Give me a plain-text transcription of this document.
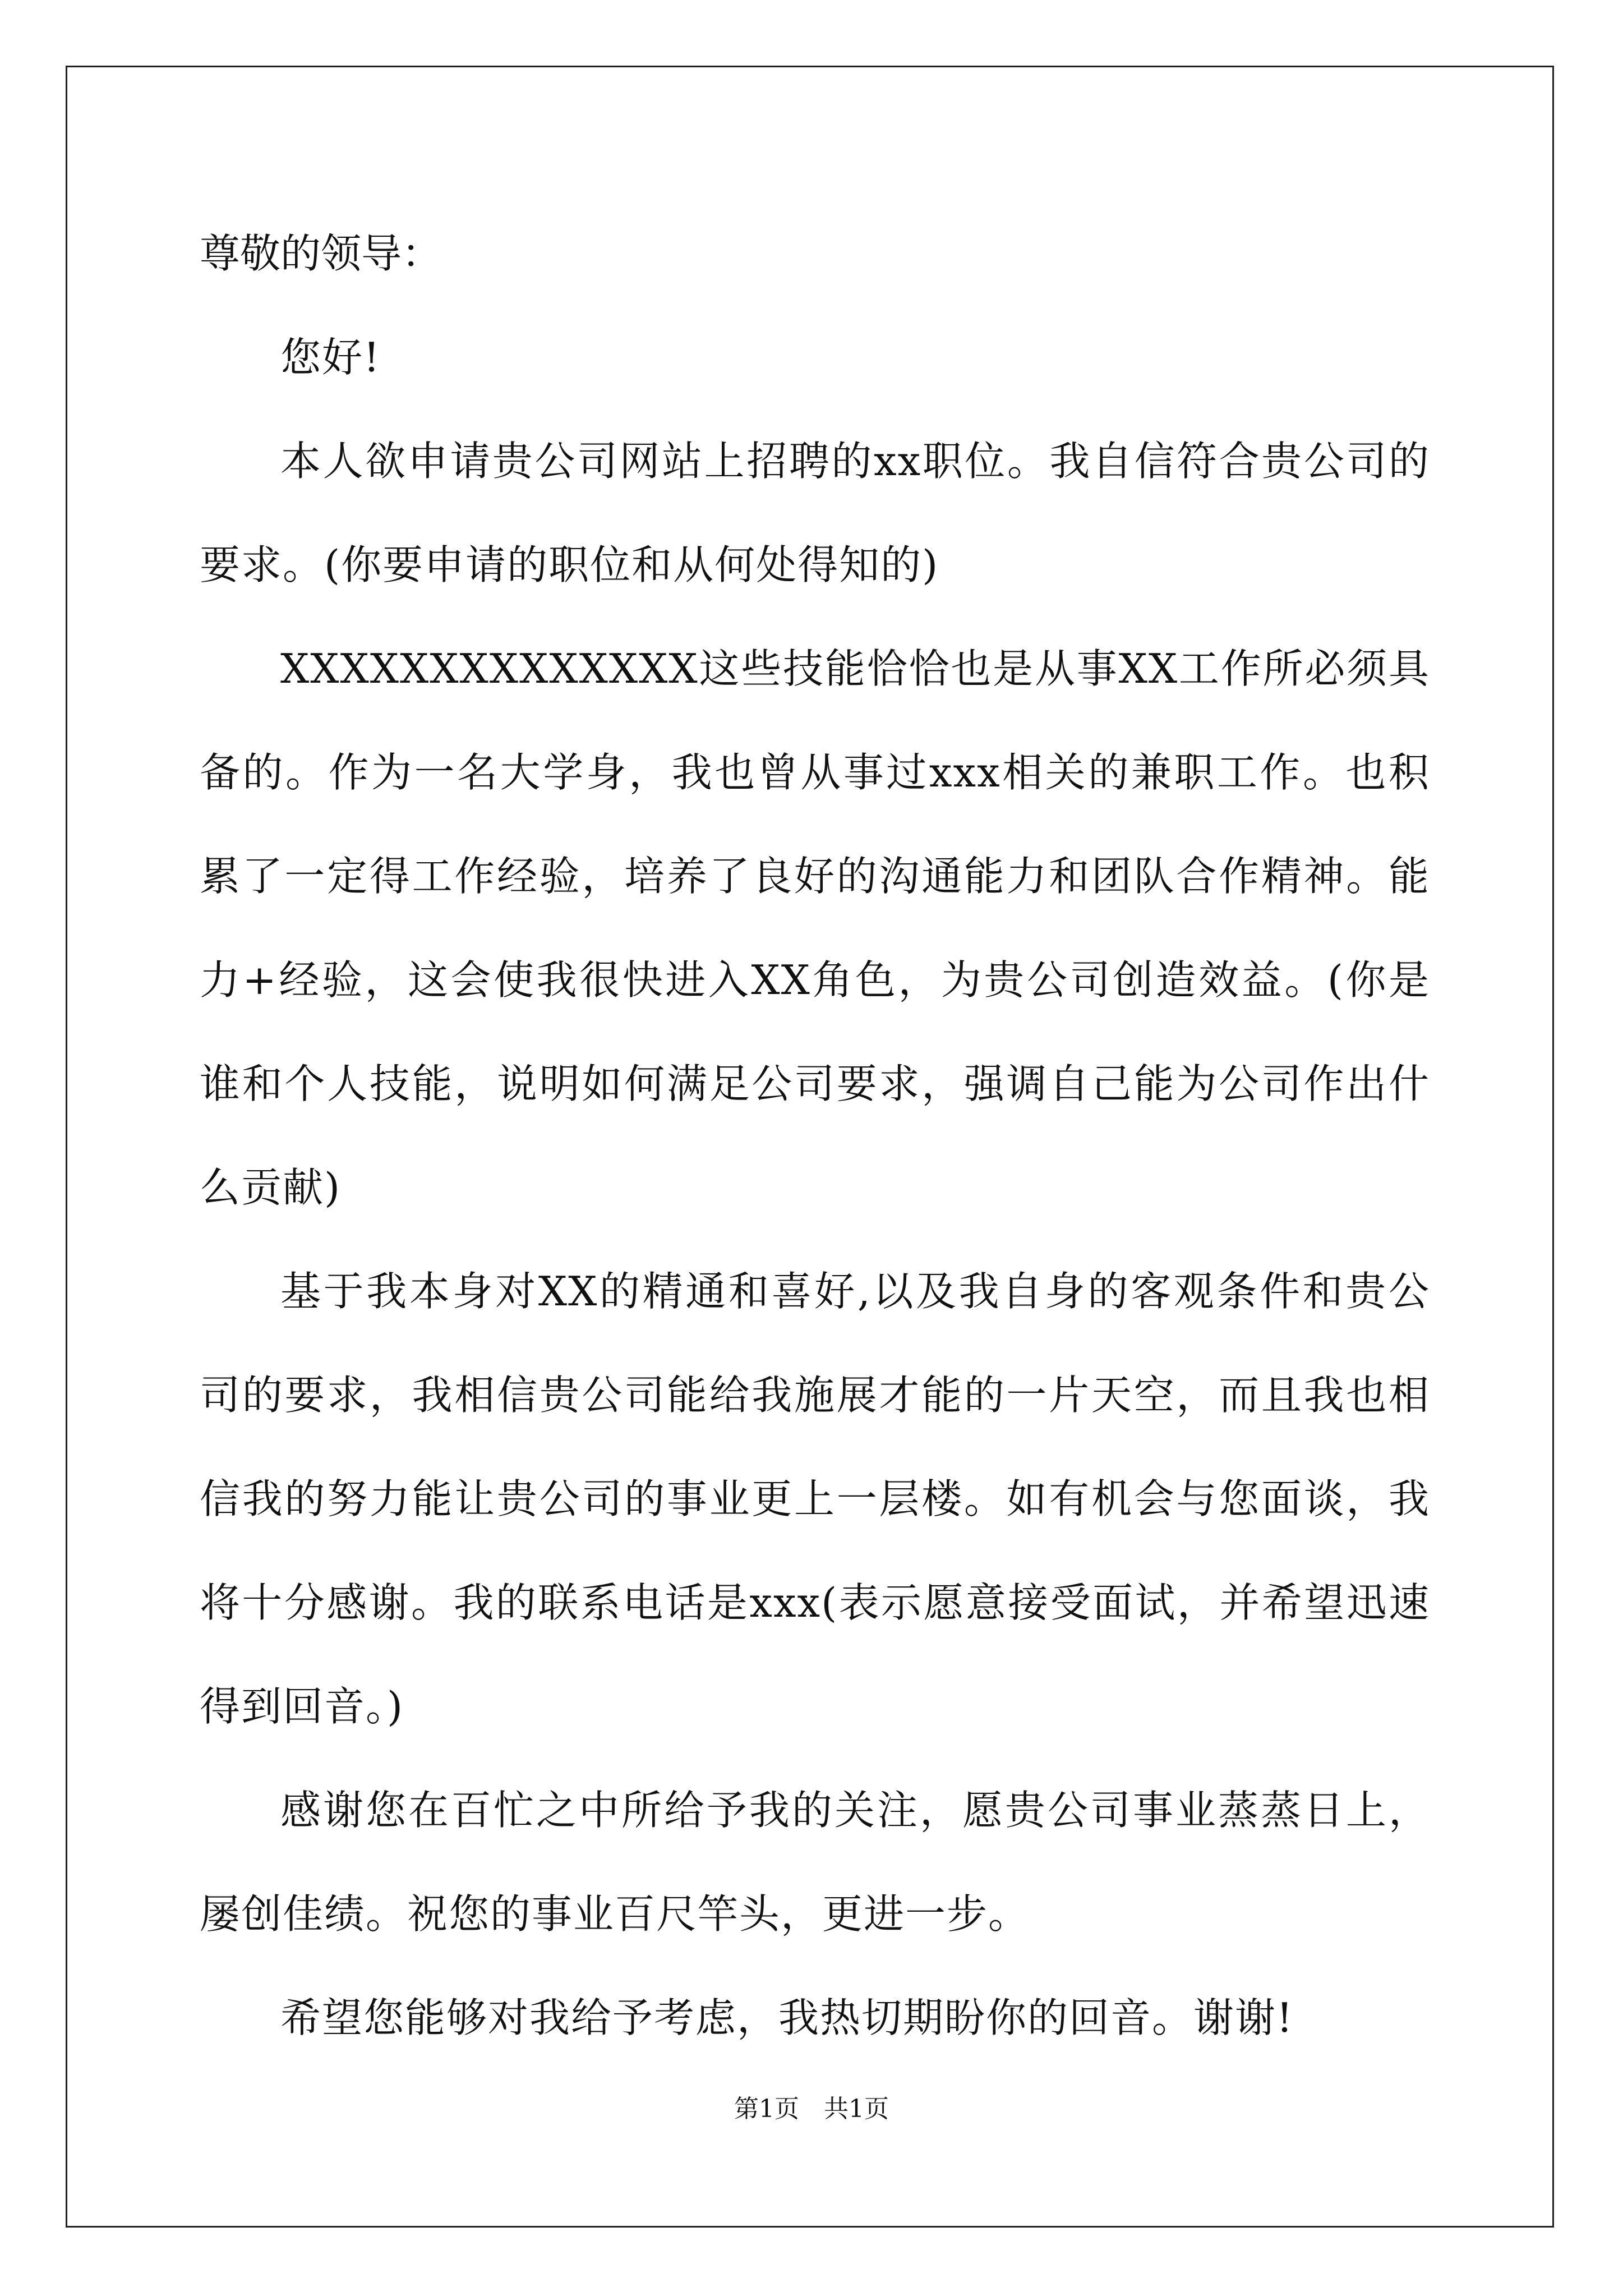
尊敬的领导：

您好!

本人欲申请贵公司网站上招聘的xx职位。我自信符合贵公司的要求。(你要申请的职位和从何处得知的)

XXXXXXXXXXXXXX这些技能恰恰也是从事XX工作所必须具备的。作为一名大学身，我也曾从事过xxx相关的兼职工作。也积累了一定得工作经验，培养了良好的沟通能力和团队合作精神。能力+经验，这会使我很快进入XX角色，为贵公司创造效益。(你是谁和个人技能，说明如何满足公司要求，强调自己能为公司作出什么贡献)

基于我本身对XX的精通和喜好,以及我自身的客观条件和贵公司的要求，我相信贵公司能给我施展才能的一片天空，而且我也相信我的努力能让贵公司的事业更上一层楼。如有机会与您面谈，我将十分感谢。我的联系电话是xxx(表示愿意接受面试，并希望迅速得到回音。)

感谢您在百忙之中所给予我的关注，愿贵公司事业蒸蒸日上，屡创佳绩。祝您的事业百尺竿头，更进一步。

希望您能够对我给予考虑，我热切期盼你的回音。谢谢!

第1页 共1页
